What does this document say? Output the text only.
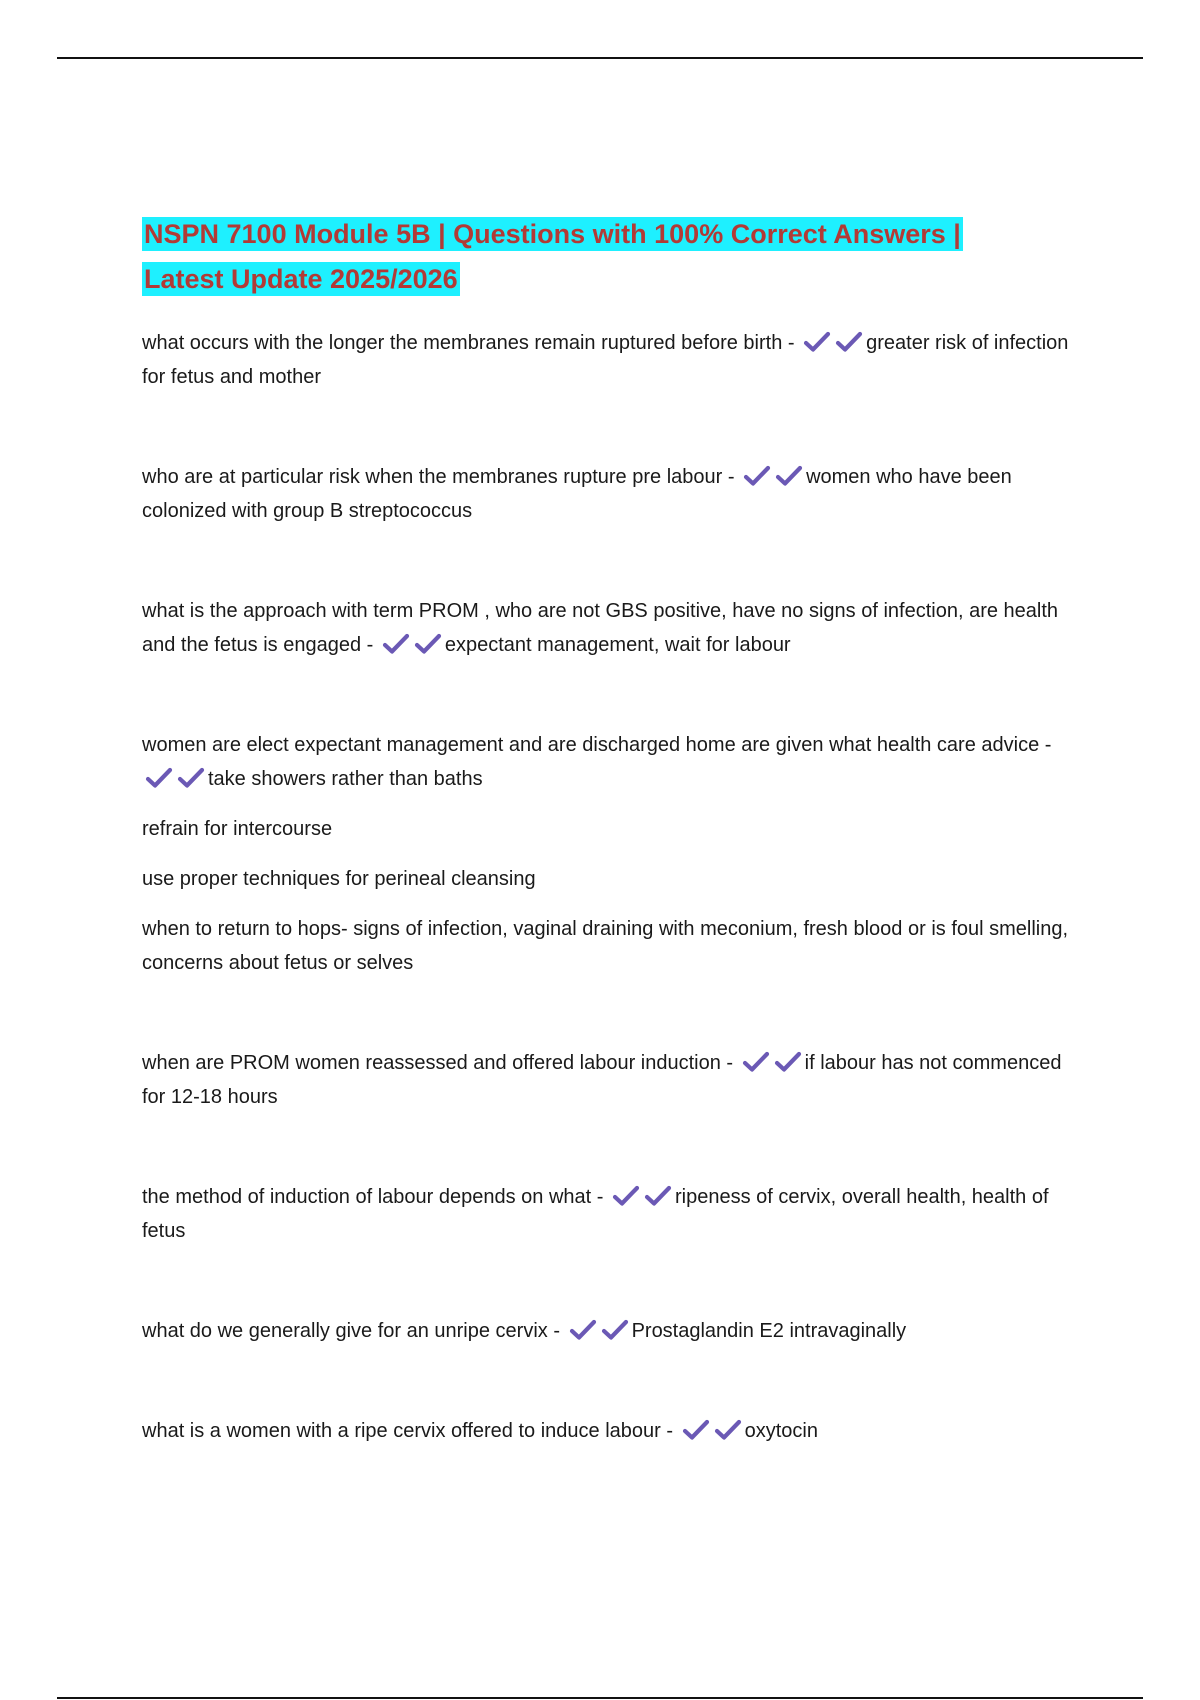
NSPN 7100 Module 5B | Questions with 100% Correct Answers |
Latest Update 2025/2026

what occurs with the longer the membranes remain ruptured before birth -	greater risk of infection for fetus and mother

who are at particular risk when the membranes rupture pre labour -	women who have been colonized with group B streptococcus

what is the approach with term PROM , who are not GBS positive, have no signs of infection, are health and the fetus is engaged -	expectant management, wait for labour

women are elect expectant management and are discharged home are given what health care advice -
take showers rather than baths
refrain for intercourse
use proper techniques for perineal cleansing
when to return to hops- signs of infection, vaginal draining with meconium, fresh blood or is foul smelling, concerns about fetus or selves

when are PROM women reassessed and offered labour induction -	if labour has not commenced for 12-18 hours

the method of induction of labour depends on what -	ripeness of cervix, overall health, health of fetus

what do we generally give for an unripe cervix -	Prostaglandin E2 intravaginally

what is a women with a ripe cervix offered to induce labour -	oxytocin
